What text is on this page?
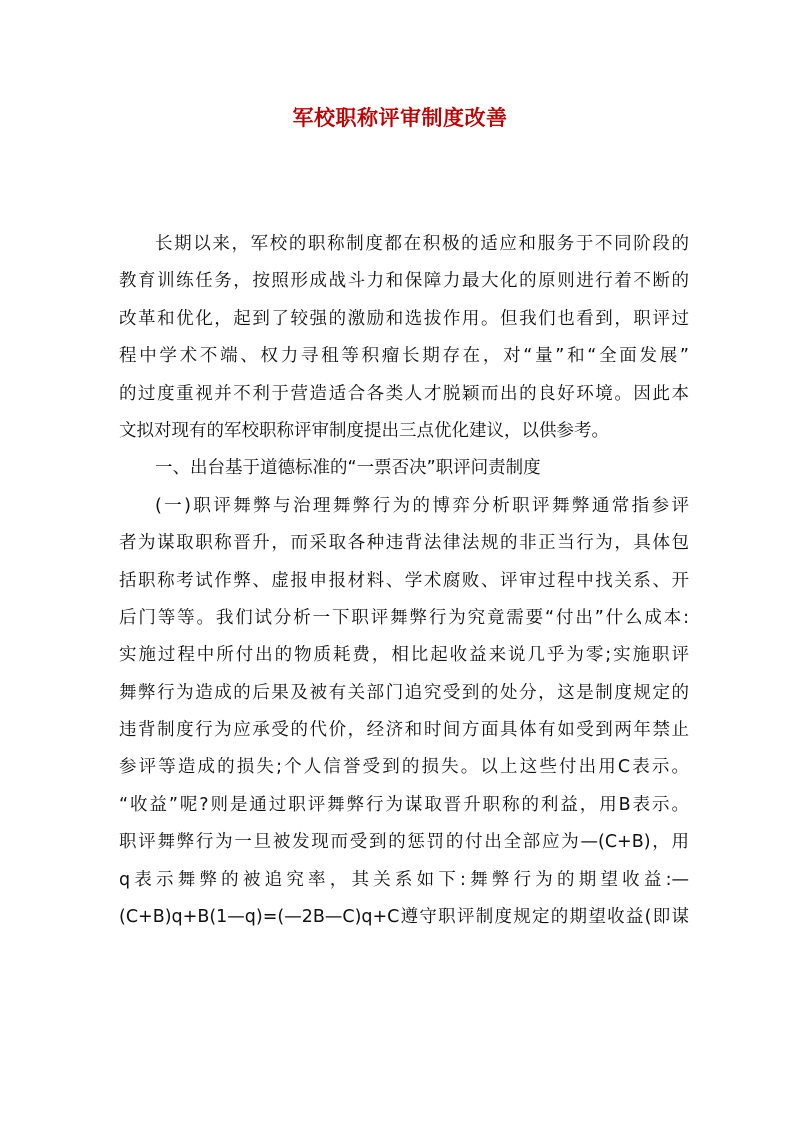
军校职称评审制度改善
长期以来，军校的职称制度都在积极的适应和服务于不同阶段的
教育训练任务，按照形成战斗力和保障力最大化的原则进行着不断的
改革和优化，起到了较强的激励和选拔作用。但我们也看到，职评过
程中学术不端、权力寻租等积瘤长期存在，对“量”和“全面发展”
的过度重视并不利于营造适合各类人才脱颖而出的良好环境。因此本
文拟对现有的军校职称评审制度提出三点优化建议，以供参考。
一、出台基于道德标准的“一票否决”职评问责制度
(一)职评舞弊与治理舞弊行为的博弈分析职评舞弊通常指参评
者为谋取职称晋升，而采取各种违背法律法规的非正当行为，具体包
括职称考试作弊、虚报申报材料、学术腐败、评审过程中找关系、开
后门等等。我们试分析一下职评舞弊行为究竟需要“付出”什么成本:
实施过程中所付出的物质耗费，相比起收益来说几乎为零;实施职评
舞弊行为造成的后果及被有关部门追究受到的处分，这是制度规定的
违背制度行为应承受的代价，经济和时间方面具体有如受到两年禁止
参评等造成的损失;个人信誉受到的损失。以上这些付出用C表示。
“收益”呢?则是通过职评舞弊行为谋取晋升职称的利益，用B表示。
职评舞弊行为一旦被发现而受到的惩罚的付出全部应为—(C+B)，用
q表示舞弊的被追究率，其关系如下:舞弊行为的期望收益:—
(C+B)q+B(1—q)=(—2B—C)q+C遵守职评制度规定的期望收益(即谋
